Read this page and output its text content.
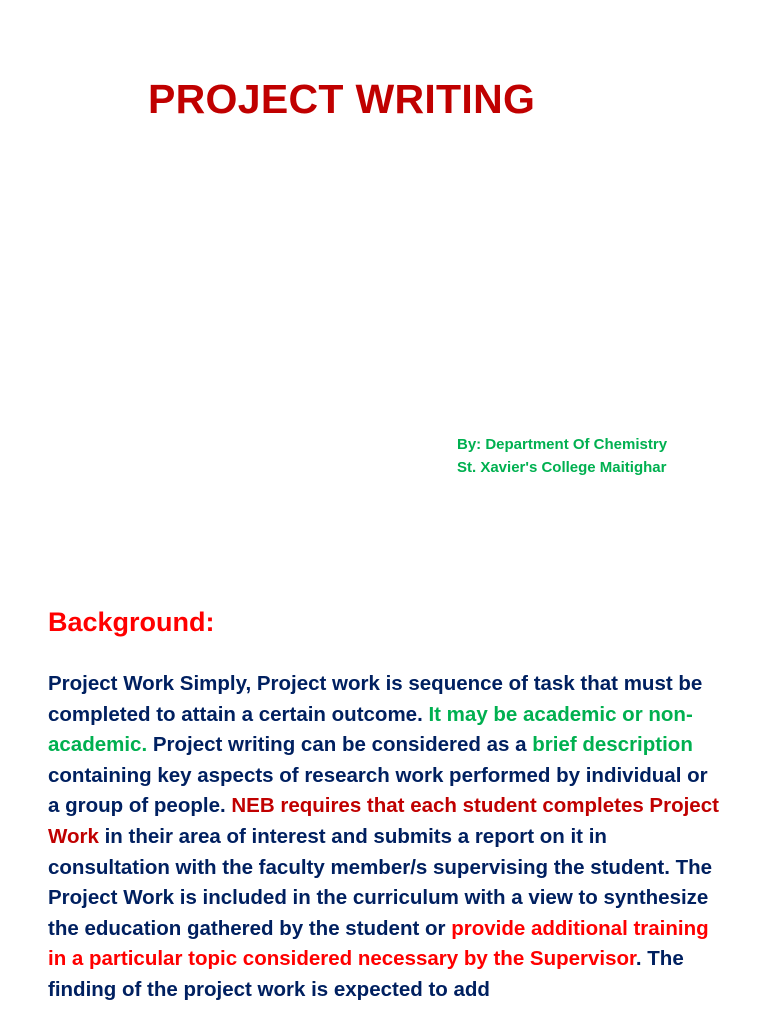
PROJECT WRITING
By: Department Of Chemistry
St. Xavier's College Maitighar
Background:

Project Work Simply, Project work is sequence of task that must be completed to attain a certain outcome. It may be academic or non-academic. Project writing can be considered as a brief description containing key aspects of research work performed by individual or a group of people. NEB requires that each student completes Project Work in their area of interest and submits a report on it in consultation with the faculty member/s supervising the student. The Project Work is included in the curriculum with a view to synthesize the education gathered by the student or provide additional training in a particular topic considered necessary by the Supervisor. The finding of the project work is expected to add
